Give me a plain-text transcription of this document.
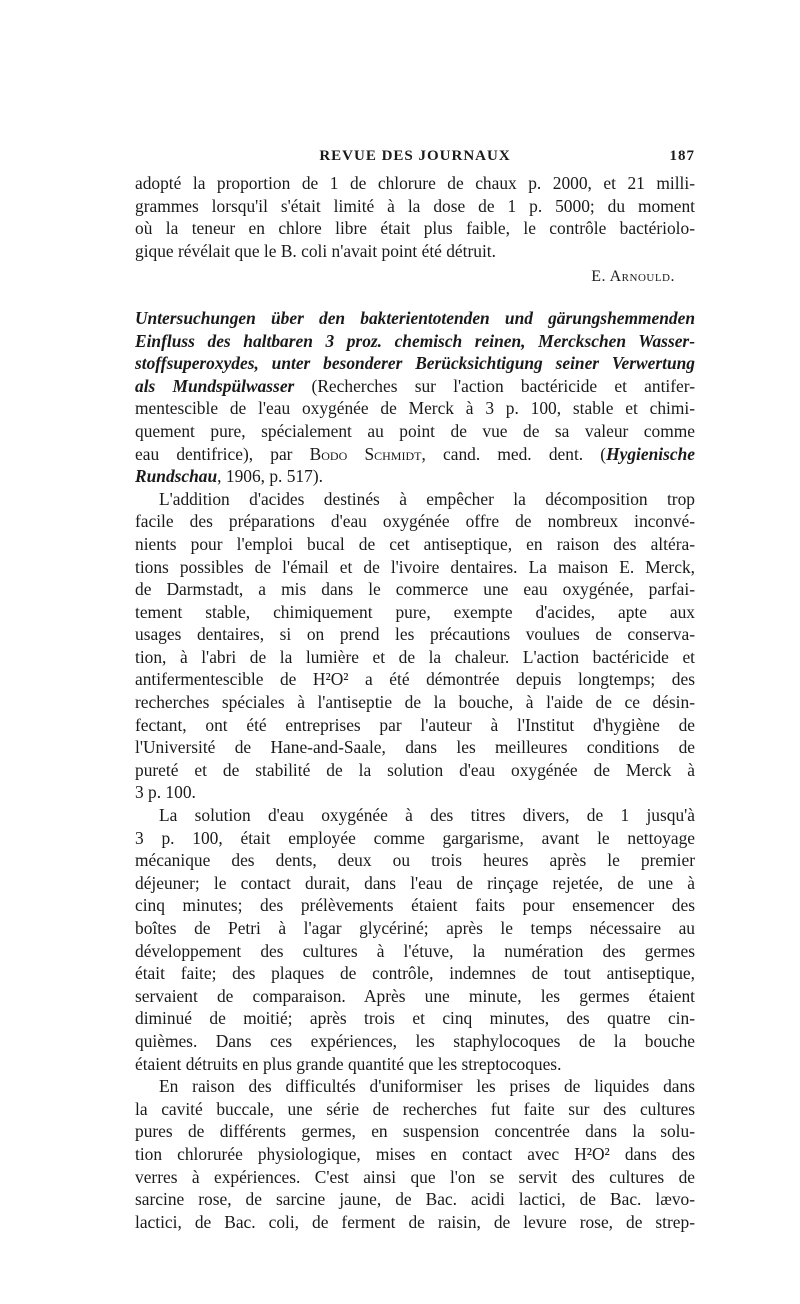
REVUE DES JOURNAUX	187
adopté la proportion de 1 de chlorure de chaux p. 2000, et 21 milli-
grammes lorsqu'il s'était limité à la dose de 1 p. 5000; du moment
où la teneur en chlore libre était plus faible, le contrôle bactériolo-
gique révélait que le B. coli n'avait point été détruit.
E. Arnould.
Untersuchungen über den bakterientotenden und gärungshemmenden
Einfluss des haltbaren 3 proz. chemisch reinen, Merckschen Wasser-
stoffsuperoxydes, unter besonderer Berücksichtigung seiner Verwertung
als Mundspülwasser (Recherches sur l'action bactéricide et antifer-
mentescible de l'eau oxygénée de Merck à 3 p. 100, stable et chimi-
quement pure, spécialement au point de vue de sa valeur comme
eau dentifrice), par Bodo Schmidt, cand. med. dent. (Hygienische
Rundschau, 1906, p. 517).
L'addition d'acides destinés à empêcher la décomposition trop
facile des préparations d'eau oxygénée offre de nombreux inconvé-
nients pour l'emploi bucal de cet antiseptique, en raison des altéra-
tions possibles de l'émail et de l'ivoire dentaires. La maison E. Merck,
de Darmstadt, a mis dans le commerce une eau oxygénée, parfai-
tement stable, chimiquement pure, exempte d'acides, apte aux
usages dentaires, si on prend les précautions voulues de conserva-
tion, à l'abri de la lumière et de la chaleur. L'action bactéricide et
antifermentescible de H²O² a été démontrée depuis longtemps; des
recherches spéciales à l'antiseptie de la bouche, à l'aide de ce désin-
fectant, ont été entreprises par l'auteur à l'Institut d'hygiène de
l'Université de Hane-and-Saale, dans les meilleures conditions de
pureté et de stabilité de la solution d'eau oxygénée de Merck à
3 p. 100.
La solution d'eau oxygénée à des titres divers, de 1 jusqu'à
3 p. 100, était employée comme gargarisme, avant le nettoyage
mécanique des dents, deux ou trois heures après le premier
déjeuner; le contact durait, dans l'eau de rinçage rejetée, de une à
cinq minutes; des prélèvements étaient faits pour ensemencer des
boîtes de Petri à l'agar glycériné; après le temps nécessaire au
développement des cultures à l'étuve, la numération des germes
était faite; des plaques de contrôle, indemnes de tout antiseptique,
servaient de comparaison. Après une minute, les germes étaient
diminué de moitié; après trois et cinq minutes, des quatre cin-
quièmes. Dans ces expériences, les staphylocoques de la bouche
étaient détruits en plus grande quantité que les streptocoques.
En raison des difficultés d'uniformiser les prises de liquides dans
la cavité buccale, une série de recherches fut faite sur des cultures
pures de différents germes, en suspension concentrée dans la solu-
tion chlorurée physiologique, mises en contact avec H²O² dans des
verres à expériences. C'est ainsi que l'on se servit des cultures de
sarcine rose, de sarcine jaune, de Bac. acidi lactici, de Bac. lævo-
lactici, de Bac. coli, de ferment de raisin, de levure rose, de strep-
